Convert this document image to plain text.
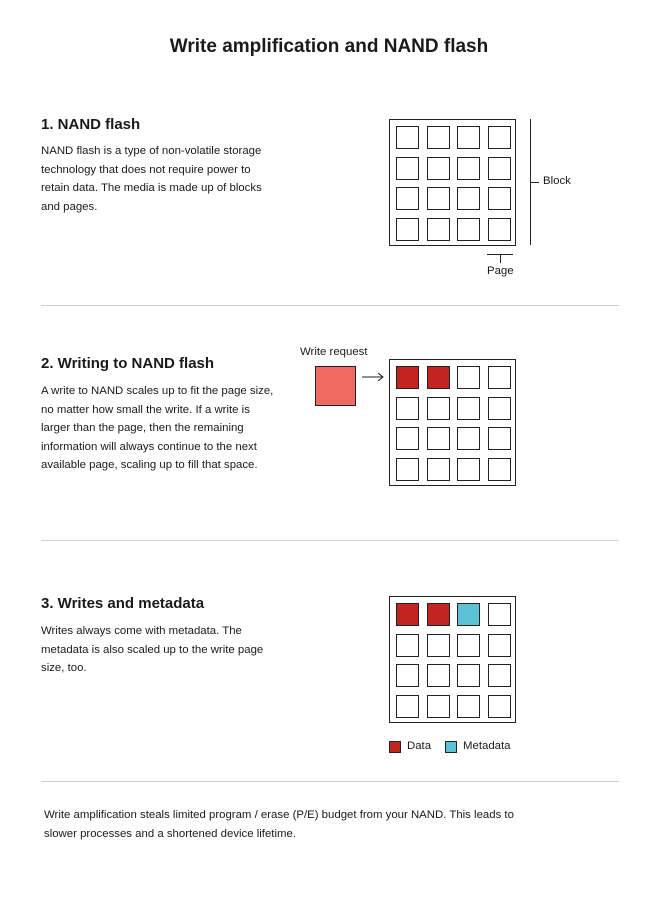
Write amplification and NAND flash
1. NAND flash

NAND flash is a type of non-volatile storage technology that does not require power to retain data. The media is made up of blocks and pages.

Block

Page

2. Writing to NAND flash

A write to NAND scales up to fit the page size, no matter how small the write. If a write is larger than the page, then the remaining information will always continue to the next available page, scaling up to fill that space.

Write request

3. Writes and metadata

Writes always come with metadata. The metadata is also scaled up to the write page size, too.

Data	Metadata

Write amplification steals limited program / erase (P/E) budget from your NAND. This leads to slower processes and a shortened device lifetime.
